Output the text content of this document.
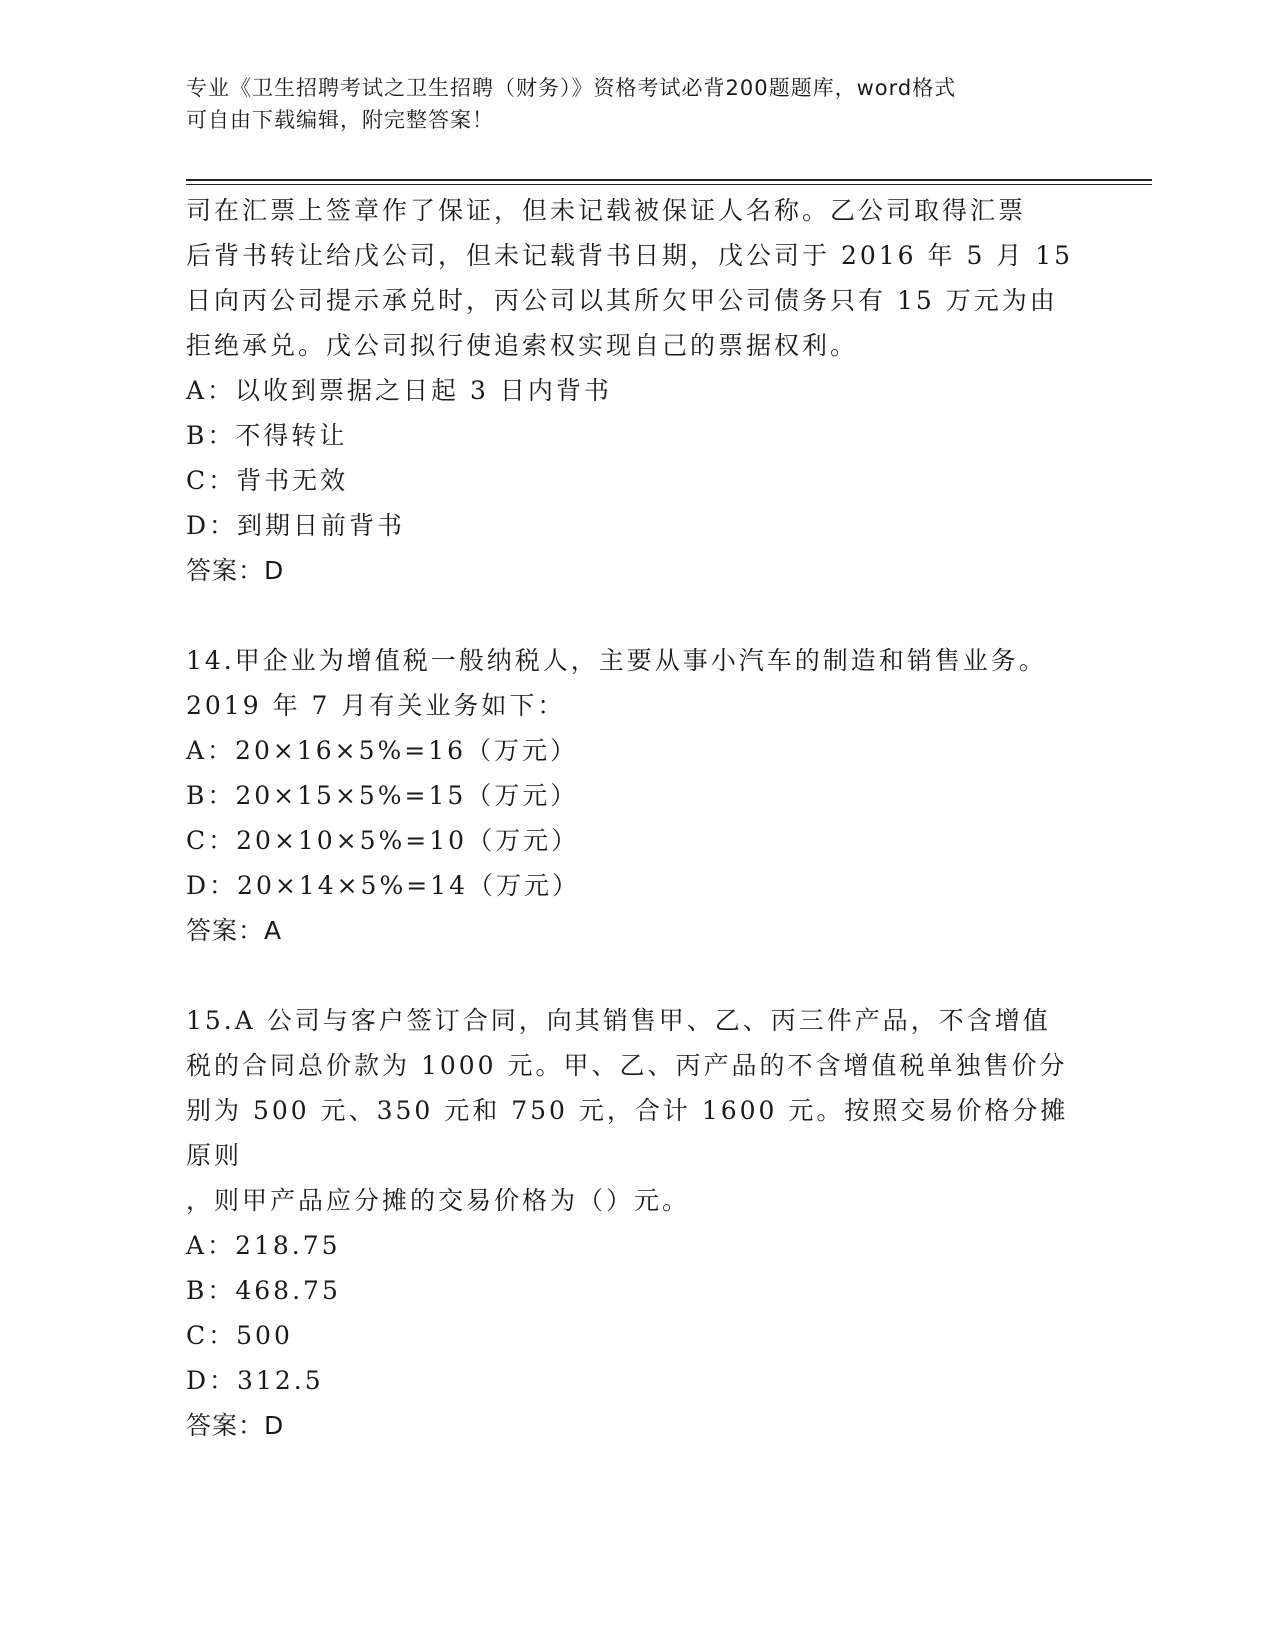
专业《卫生招聘考试之卫生招聘（财务）》资格考试必背200题题库，word格式
可自由下载编辑，附完整答案！

司在汇票上签章作了保证，但未记载被保证人名称。乙公司取得汇票

后背书转让给戊公司，但未记载背书日期，戊公司于 2016 年 5 月 15

日向丙公司提示承兑时，丙公司以其所欠甲公司债务只有 15 万元为由

拒绝承兑。戊公司拟行使追索权实现自己的票据权利。

A：以收到票据之日起 3 日内背书

B：不得转让

C：背书无效

D：到期日前背书

答案：D

14.甲企业为增值税一般纳税人，主要从事小汽车的制造和销售业务。

2019 年 7 月有关业务如下：

A：20×16×5%=16（万元）

B：20×15×5%=15（万元）

C：20×10×5%=10（万元）

D：20×14×5%=14（万元）

答案：A

15.A 公司与客户签订合同，向其销售甲、乙、丙三件产品，不含增值

税的合同总价款为 1000 元。甲、乙、丙产品的不含增值税单独售价分

别为 500 元、350 元和 750 元，合计 1600 元。按照交易价格分摊原则

，则甲产品应分摊的交易价格为（）元。

A：218.75

B：468.75

C：500

D：312.5

答案：D
